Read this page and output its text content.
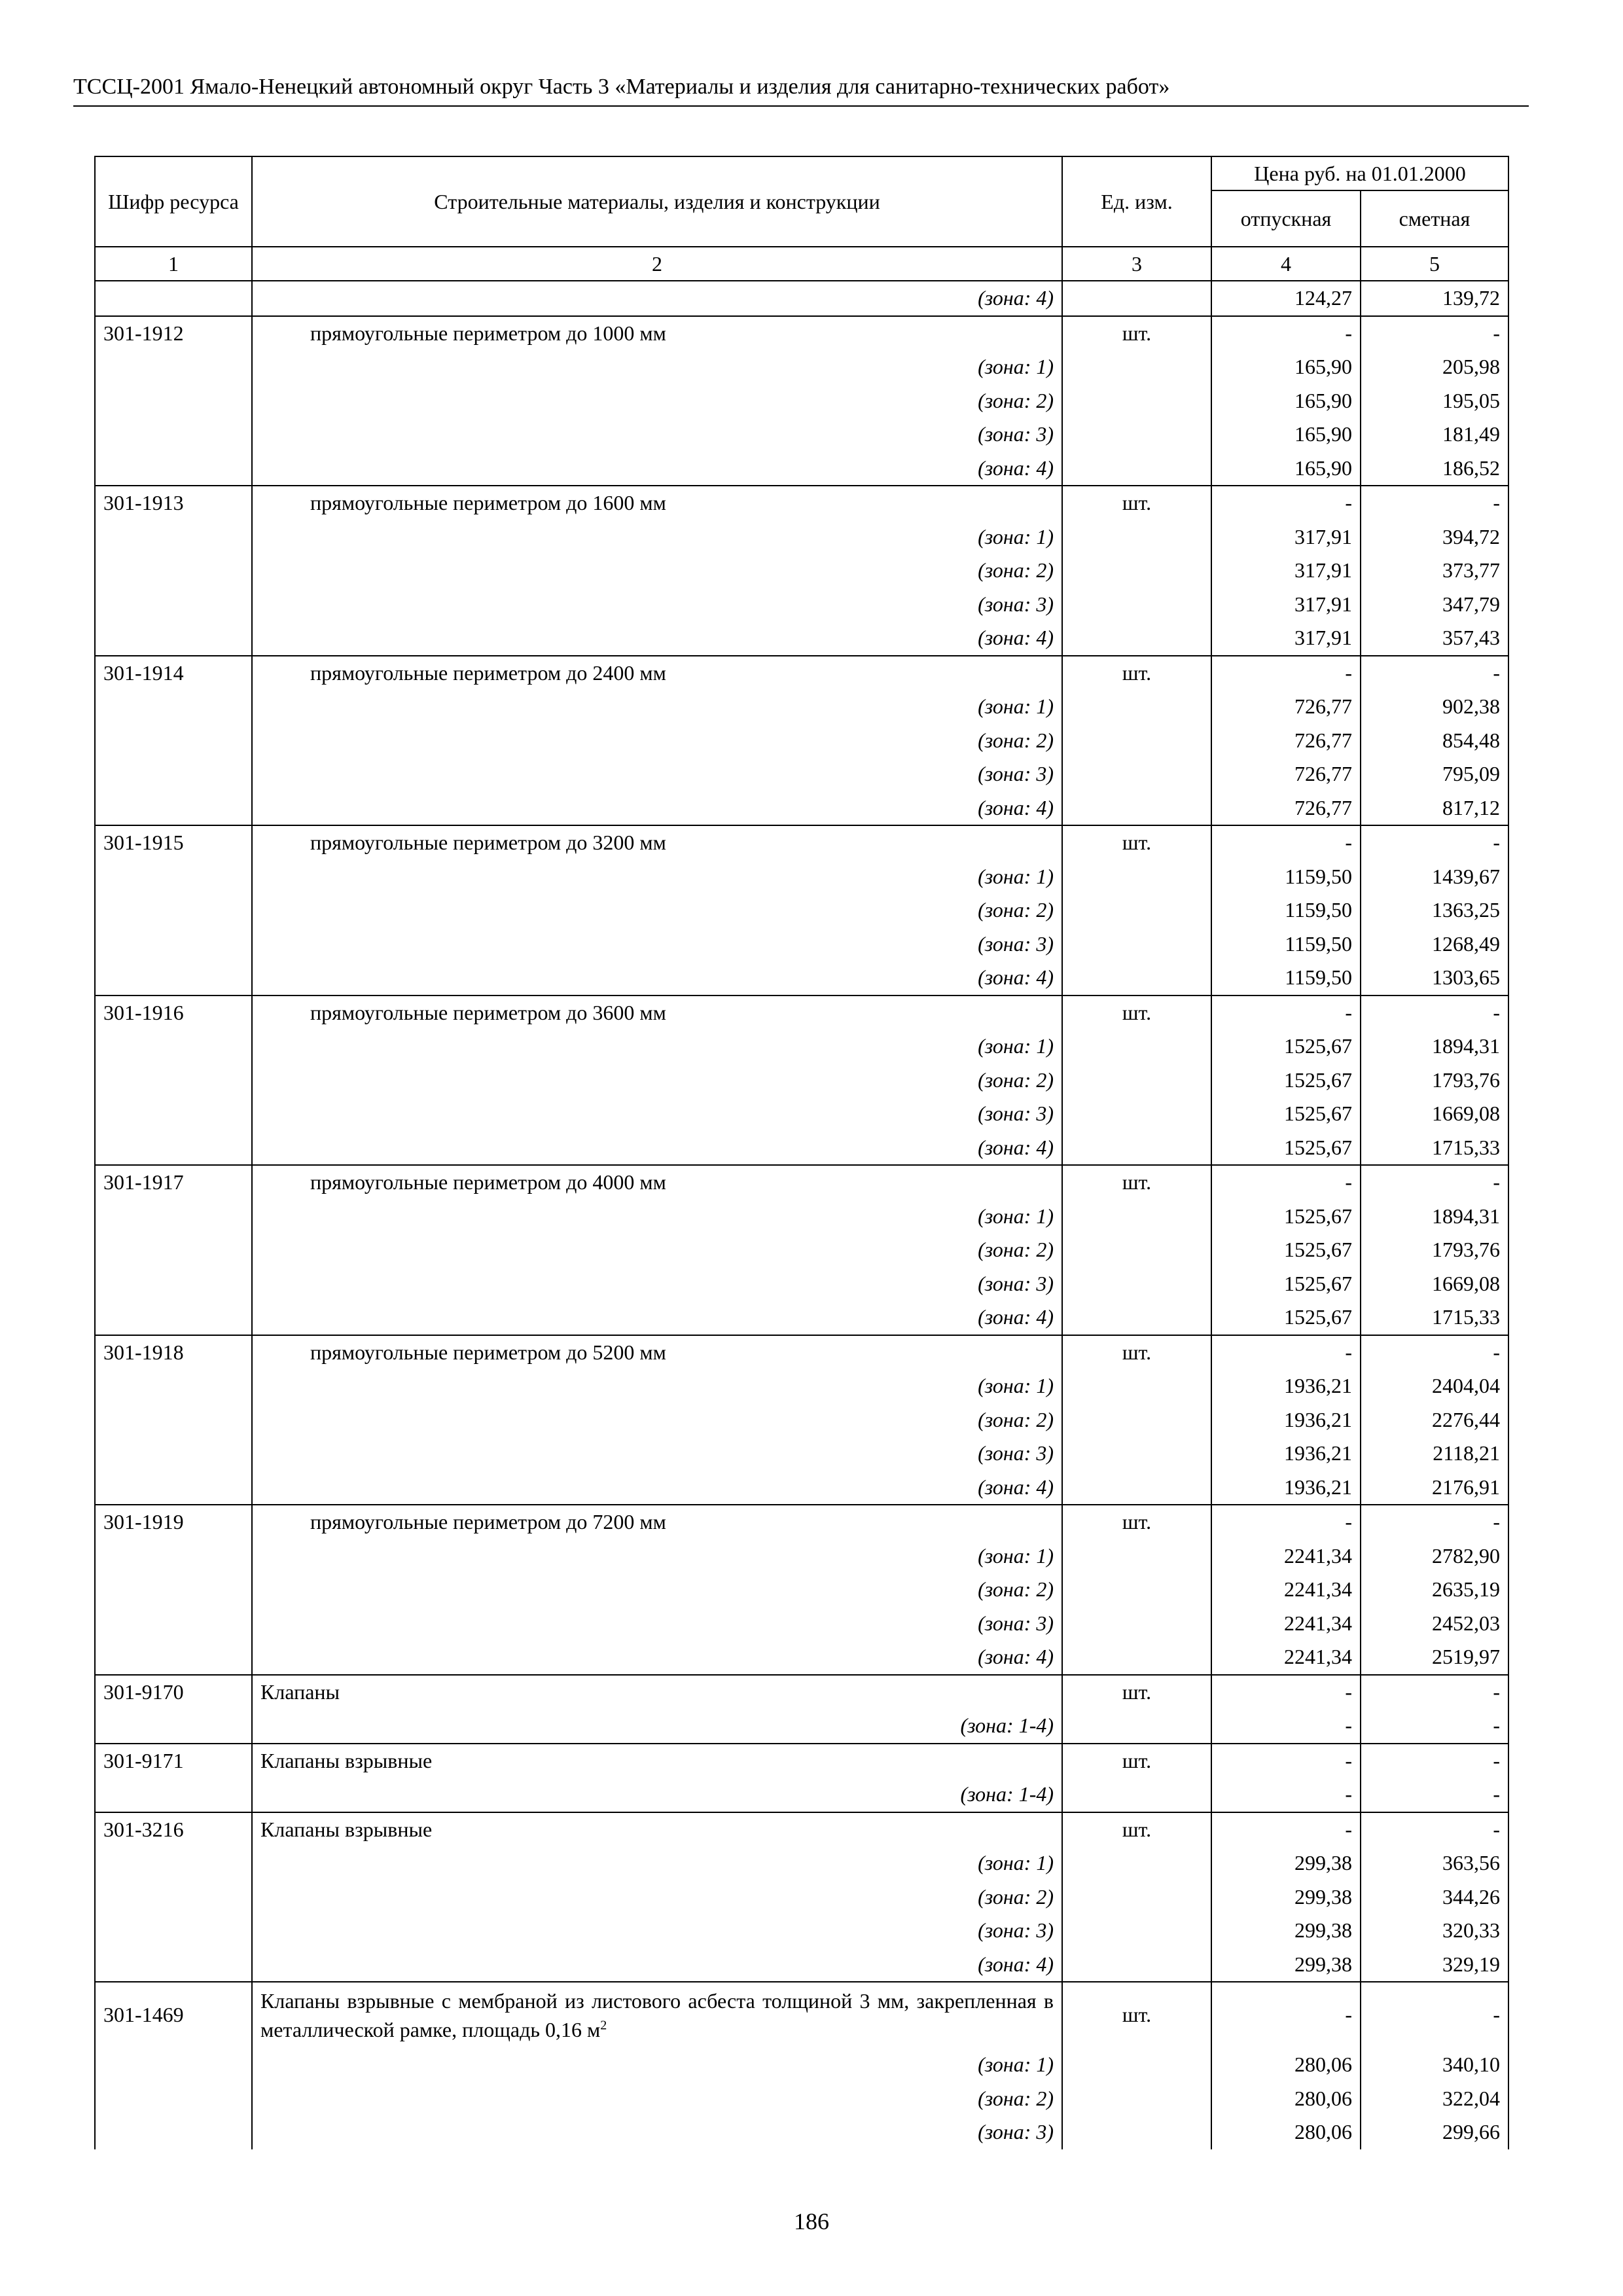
ТССЦ-2001 Ямало-Ненецкий автономный округ Часть 3 «Материалы и изделия для санитарно-технических работ»
Шифр ресурса	Строительные материалы, изделия и конструкции	Ед. изм.	Цена руб. на 01.01.2000	
			отпускная	сметная
1	2	3	4	5
	(зона: 4)		124,27	139,72
301-1912	прямоугольные периметром до 1000 мм	шт.	-	-
	(зона: 1)		165,90	205,98
	(зона: 2)		165,90	195,05
	(зона: 3)		165,90	181,49
	(зона: 4)		165,90	186,52
301-1913	прямоугольные периметром до 1600 мм	шт.	-	-
	(зона: 1)		317,91	394,72
	(зона: 2)		317,91	373,77
	(зона: 3)		317,91	347,79
	(зона: 4)		317,91	357,43
301-1914	прямоугольные периметром до 2400 мм	шт.	-	-
	(зона: 1)		726,77	902,38
	(зона: 2)		726,77	854,48
	(зона: 3)		726,77	795,09
	(зона: 4)		726,77	817,12
301-1915	прямоугольные периметром до 3200 мм	шт.	-	-
	(зона: 1)		1159,50	1439,67
	(зона: 2)		1159,50	1363,25
	(зона: 3)		1159,50	1268,49
	(зона: 4)		1159,50	1303,65
301-1916	прямоугольные периметром до 3600 мм	шт.	-	-
	(зона: 1)		1525,67	1894,31
	(зона: 2)		1525,67	1793,76
	(зона: 3)		1525,67	1669,08
	(зона: 4)		1525,67	1715,33
301-1917	прямоугольные периметром до 4000 мм	шт.	-	-
	(зона: 1)		1525,67	1894,31
	(зона: 2)		1525,67	1793,76
	(зона: 3)		1525,67	1669,08
	(зона: 4)		1525,67	1715,33
301-1918	прямоугольные периметром до 5200 мм	шт.	-	-
	(зона: 1)		1936,21	2404,04
	(зона: 2)		1936,21	2276,44
	(зона: 3)		1936,21	2118,21
	(зона: 4)		1936,21	2176,91
301-1919	прямоугольные периметром до 7200 мм	шт.	-	-
	(зона: 1)		2241,34	2782,90
	(зона: 2)		2241,34	2635,19
	(зона: 3)		2241,34	2452,03
	(зона: 4)		2241,34	2519,97
301-9170	Клапаны	шт.	-	-
	(зона: 1-4)		-	-
301-9171	Клапаны взрывные	шт.	-	-
	(зона: 1-4)		-	-
301-3216	Клапаны взрывные	шт.	-	-
	(зона: 1)		299,38	363,56
	(зона: 2)		299,38	344,26
	(зона: 3)		299,38	320,33
	(зона: 4)		299,38	329,19
301-1469	Клапаны взрывные с мембраной из листового асбеста толщиной 3 мм, закрепленная в металлической рамке, площадь 0,16 $м^2$	шт.	-	-
	(зона: 1)		280,06	340,10
	(зона: 2)		280,06	322,04
	(зона: 3)		280,06	299,66
186
